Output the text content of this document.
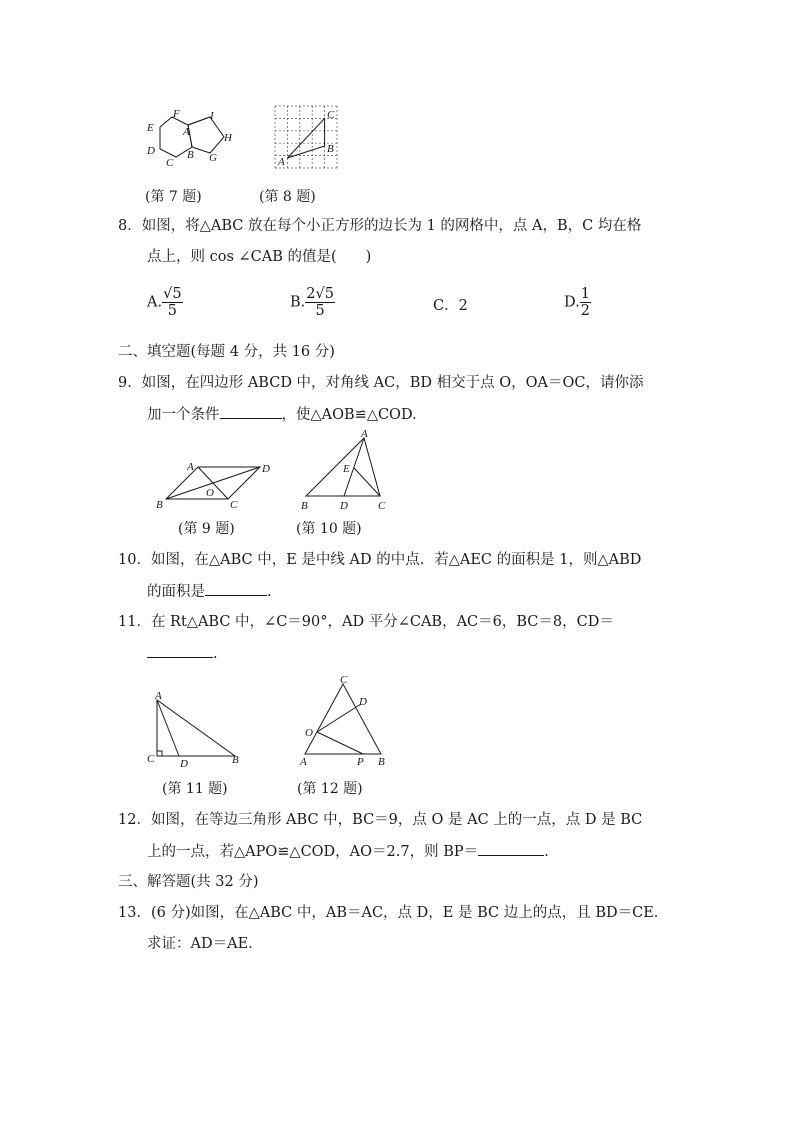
F	I
E	A	H
D	B
C	G
C
B
A
(第 7 题)	(第 8 题)
8．如图，将△ABC 放在每个小正方形的边长为 1 的网格中，点 A，B，C 均在格
点上，则 cos ∠CAB 的值是(　　)
A. $\frac{√5}{5}$	B. $\frac{2√5}{5}$	C．2	D. $\frac{1}{2}$
二、填空题(每题 4 分，共 16 分)
9．如图，在四边形 ABCD 中，对角线 AC，BD 相交于点 O，OA＝OC，请你添
加一个条件	，使△AOB≌△COD.
A	D
O
B	C
A
E
B	D	C
(第 9 题)	(第 10 题)
10．如图，在△ABC 中，E 是中线 AD 的中点．若△AEC 的面积是 1，则△ABD
的面积是	.
11．在 Rt△ABC 中，∠C＝90°，AD 平分∠CAB，AC＝6，BC＝8，CD＝
.
A
C D	B
C
D
O
A	P B
(第 11 题)	(第 12 题)
12．如图，在等边三角形 ABC 中，BC＝9，点 O 是 AC 上的一点，点 D 是 BC
上的一点，若△APO≌△COD，AO＝2.7，则 BP＝	.
三、解答题(共 32 分)
13．(6 分)如图，在△ABC 中，AB＝AC，点 D，E 是 BC 边上的点，且 BD＝CE.
求证：AD＝AE.
